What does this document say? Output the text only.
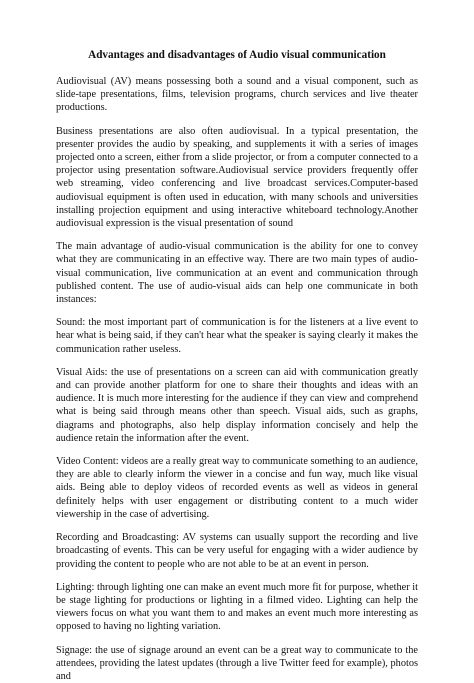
Advantages and disadvantages of Audio visual communication

Audiovisual (AV) means possessing both a sound and a visual component, such as slide-tape presentations, films, television programs, church services and live theater productions.

Business presentations are also often audiovisual. In a typical presentation, the presenter provides the audio by speaking, and supplements it with a series of images projected onto a screen, either from a slide projector, or from a computer connected to a projector using presentation software.Audiovisual service providers frequently offer web streaming, video conferencing and live broadcast services.Computer-based audiovisual equipment is often used in education, with many schools and universities installing projection equipment and using interactive whiteboard technology.Another audiovisual expression is the visual presentation of sound

The main advantage of audio-visual communication is the ability for one to convey what they are communicating in an effective way. There are two main types of audio-visual communication, live communication at an event and communication through published content. The use of audio-visual aids can help one communicate in both instances:

Sound: the most important part of communication is for the listeners at a live event to hear what is being said, if they can't hear what the speaker is saying clearly it makes the communication rather useless.

Visual Aids: the use of presentations on a screen can aid with communication greatly and can provide another platform for one to share their thoughts and ideas with an audience. It is much more interesting for the audience if they can view and comprehend what is being said through means other than speech. Visual aids, such as graphs, diagrams and photographs, also help display information concisely and help the audience retain the information after the event.

Video Content: videos are a really great way to communicate something to an audience, they are able to clearly inform the viewer in a concise and fun way, much like visual aids. Being able to deploy videos of recorded events as well as videos in general definitely helps with user engagement or distributing content to a much wider viewership in the case of advertising.

Recording and Broadcasting: AV systems can usually support the recording and live broadcasting of events. This can be very useful for engaging with a wider audience by providing the content to people who are not able to be at an event in person.

Lighting: through lighting one can make an event much more fit for purpose, whether it be stage lighting for productions or lighting in a filmed video. Lighting can help the viewers focus on what you want them to and makes an event much more interesting as opposed to having no lighting variation.

Signage: the use of signage around an event can be a great way to communicate to the attendees, providing the latest updates (through a live Twitter feed for example), photos and
